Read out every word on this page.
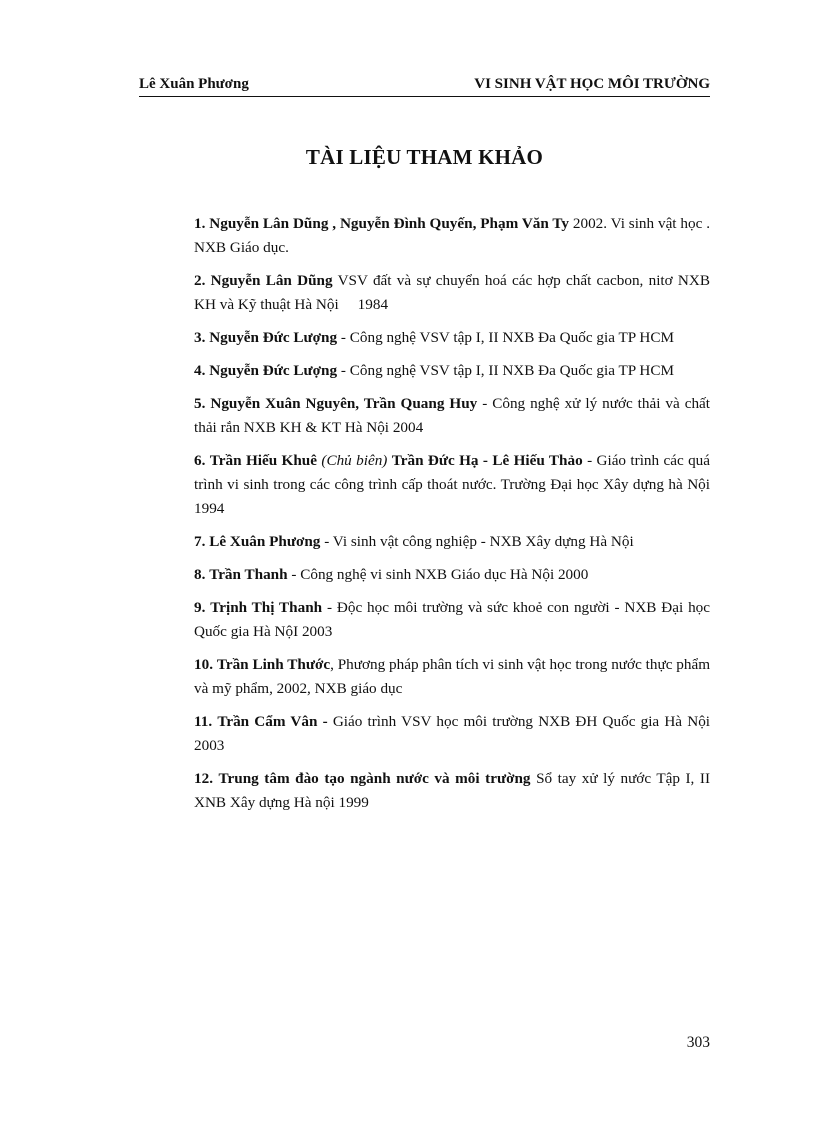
Lê Xuân Phương	VI SINH VẬT HỌC MÔI TRƯỜNG
TÀI LIỆU THAM KHẢO

1. Nguyễn Lân Dũng , Nguyễn Đình Quyến, Phạm Văn Ty 2002. Vi sinh vật học . NXB Giáo dục.

2. Nguyễn Lân Dũng VSV đất và sự chuyển hoá các hợp chất cacbon, nitơ NXB KH và Kỹ thuật Hà Nội     1984

3. Nguyễn Đức Lượng - Công nghệ VSV tập I, II NXB Đa Quốc gia TP HCM

4. Nguyễn Đức Lượng - Công nghệ VSV tập I, II NXB Đa Quốc gia TP HCM

5. Nguyễn Xuân Nguyên, Trần Quang Huy - Công nghệ xử lý nước thải và chất thải rắn NXB KH & KT Hà Nội 2004

6. Trần Hiếu Khuê (Chủ biên) Trần Đức Hạ - Lê Hiếu Thảo - Giáo trình các quá trình vi sinh trong các công trình cấp thoát nước. Trường Đại học Xây dựng hà Nội 1994

7. Lê Xuân Phương - Vi sinh vật công nghiệp - NXB Xây dựng Hà Nội

8. Trần Thanh - Công nghệ vi sinh NXB Giáo dục Hà Nội 2000

9. Trịnh Thị Thanh - Độc học môi trường và sức khoẻ con người - NXB Đại học Quốc gia Hà NộI 2003

10. Trần Linh Thước, Phương pháp phân tích vi sinh vật học trong nước thực phẩm và mỹ phẩm, 2002, NXB giáo dục

11. Trần Cẩm Vân - Giáo trình VSV học môi trường NXB ĐH Quốc gia Hà Nội 2003

12. Trung tâm đào tạo ngành nước và môi trường Sổ tay xử lý nước Tập I, II XNB Xây dựng Hà nội 1999

303
